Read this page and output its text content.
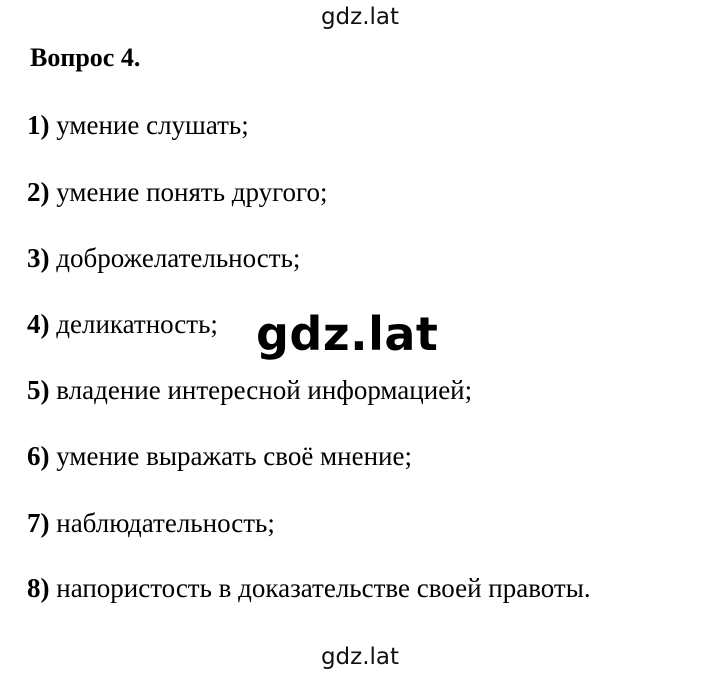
gdz.lat
Вопрос 4.
1) умение слушать;
2) умение понять другого;
3) доброжелательность;
4) деликатность;
5) владение интересной информацией;
6) умение выражать своё мнение;
7) наблюдательность;
8) напористость в доказательстве своей правоты.
gdz.lat
gdz.lat
